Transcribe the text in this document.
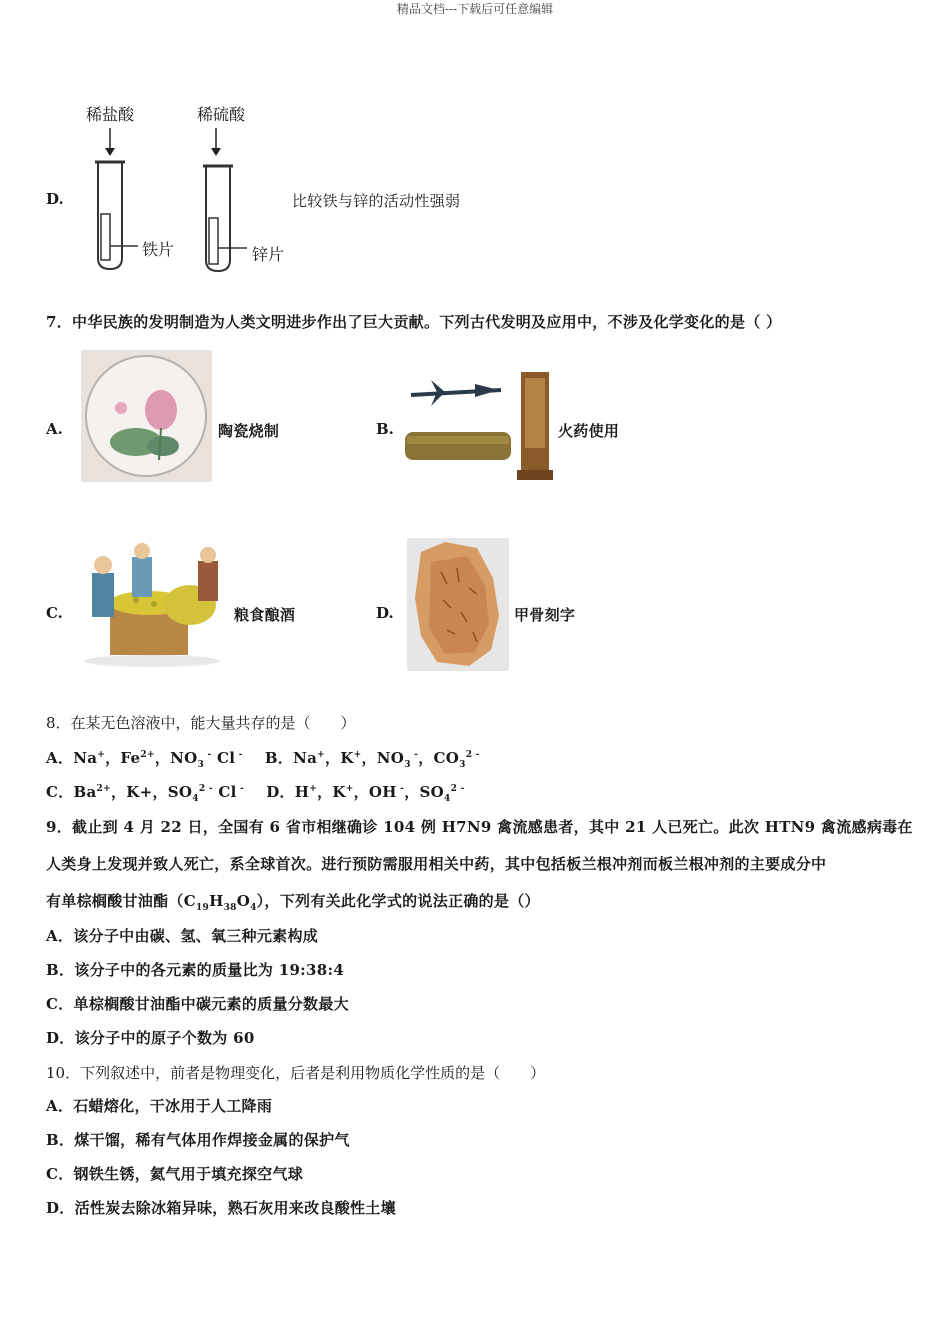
精品文档---下载后可任意编辑
稀盐酸	稀硫酸
D.
铁片	锌片
比较铁与锌的活动性强弱
7．中华民族的发明制造为人类文明进步作出了巨大贡献。下列古代发明及应用中，不涉及化学变化的是（ ）
A.	陶瓷烧制	B.	火药使用
C.	粮食酿酒	D.	甲骨刻字
8．在某无色溶液中，能大量共存的是（　　）
A．Na+，$Fe^{2+}$，$NO_3$ - Cl - B．Na+，K+，$NO_3$ -，$CO_3^{2 -}$
C．$Ba^{2+}$，K+，$SO_4^{2 -}$ Cl - D．H+，K+，OH -，$SO_4^{2 -}$
9．截止到 4 月 22 日，全国有 6 省市相继确诊 104 例 H7N9 禽流感患者，其中 21 人已死亡。此次 HTN9 禽流感病毒在
人类身上发现并致人死亡，系全球首次。进行预防需服用相关中药，其中包括板兰根冲剂而板兰根冲剂的主要成分中
有单棕榈酸甘油酯$(C_{19}H_{38}O_4)$，下列有关此化学式的说法正确的是（）
A．该分子中由碳、氢、氧三种元素构成
B．该分子中的各元素的质量比为 19:38:4
C．单棕榈酸甘油酯中碳元素的质量分数最大
D．该分子中的原子个数为 60
10．下列叙述中，前者是物理变化，后者是利用物质化学性质的是（　　）
A．石蜡熔化，干冰用于人工降雨
B．煤干馏，稀有气体用作焊接金属的保护气
C．钢铁生锈，氦气用于填充探空气球
D．活性炭去除冰箱异味，熟石灰用来改良酸性土壤
